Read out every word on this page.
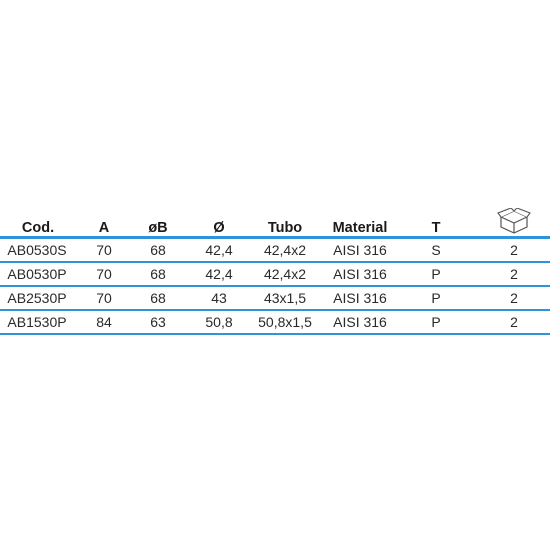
Cod.	A	øB	Ø	Tubo	Material	T
AB0530S	70	68	42,4	42,4x2	AISI 316	S	2
AB0530P	70	68	42,4	42,4x2	AISI 316	P	2
AB2530P	70	68	43	43x1,5	AISI 316	P	2
AB1530P	84	63	50,8	50,8x1,5	AISI 316	P	2
